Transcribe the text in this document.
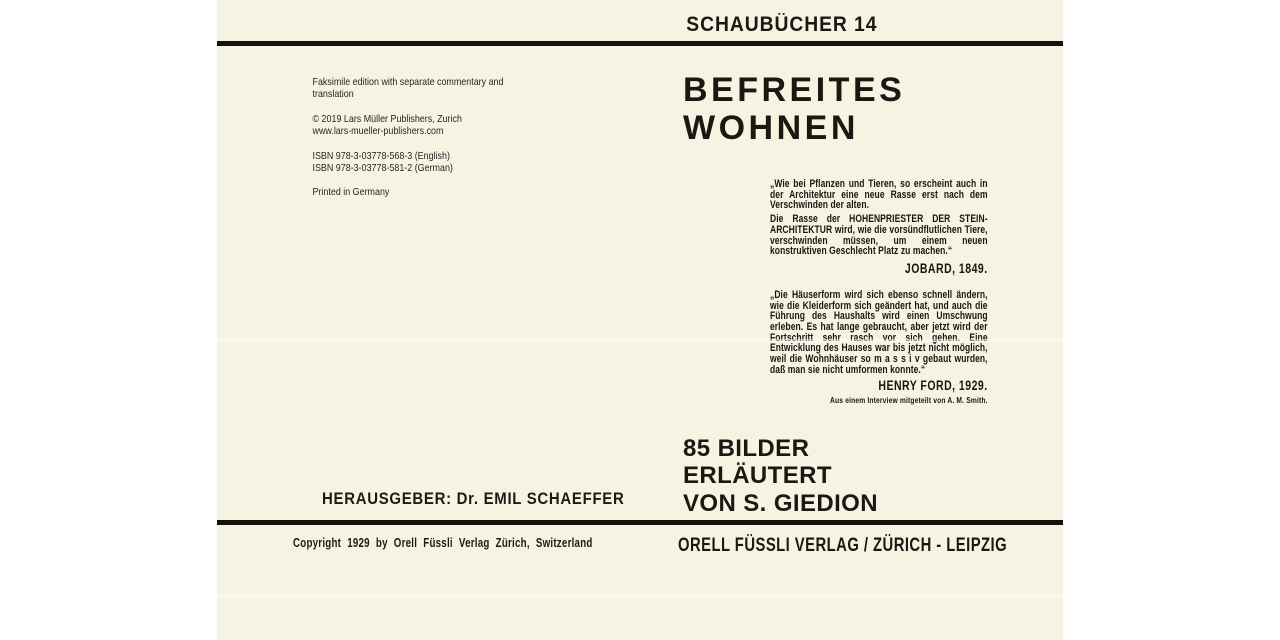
SCHAUBÜCHER 14
Faksimile edition with separate commentary and translation
© 2019 Lars Müller Publishers, Zurich
www.lars-mueller-publishers.com
ISBN 978-3-03778-568-3 (English)
ISBN 978-3-03778-581-2 (German)
Printed in Germany
BEFREITES
WOHNEN
„Wie bei Pflanzen und Tieren, so erscheint auch in der Architektur eine neue Rasse erst nach dem Verschwinden der alten.
Die Rasse der HOHENPRIESTER DER STEIN-ARCHITEKTUR wird, wie die vorsündflutlichen Tiere, verschwinden müssen, um einem neuen konstruktiven Geschlecht Platz zu machen.“
JOBARD, 1849.
„Die Häuserform wird sich ebenso schnell ändern, wie die Kleiderform sich geändert hat, und auch die Führung des Haushalts wird einen Umschwung erleben. Es hat lange gebraucht, aber jetzt wird der Fortschritt sehr rasch vor sich gehen. Eine Entwicklung des Hauses war bis jetzt nicht möglich, weil die Wohnhäuser so m a s s i v gebaut wurden, daß man sie nicht umformen konnte.“
HENRY FORD, 1929.
Aus einem Interview mitgeteilt von A. M. Smith.
85 BILDER
ERLÄUTERT
VON S. GIEDION
HERAUSGEBER: Dr. EMIL SCHAEFFER
Copyright 1929 by Orell Füssli Verlag Zürich, Switzerland	ORELL FÜSSLI VERLAG / ZÜRICH - LEIPZIG
